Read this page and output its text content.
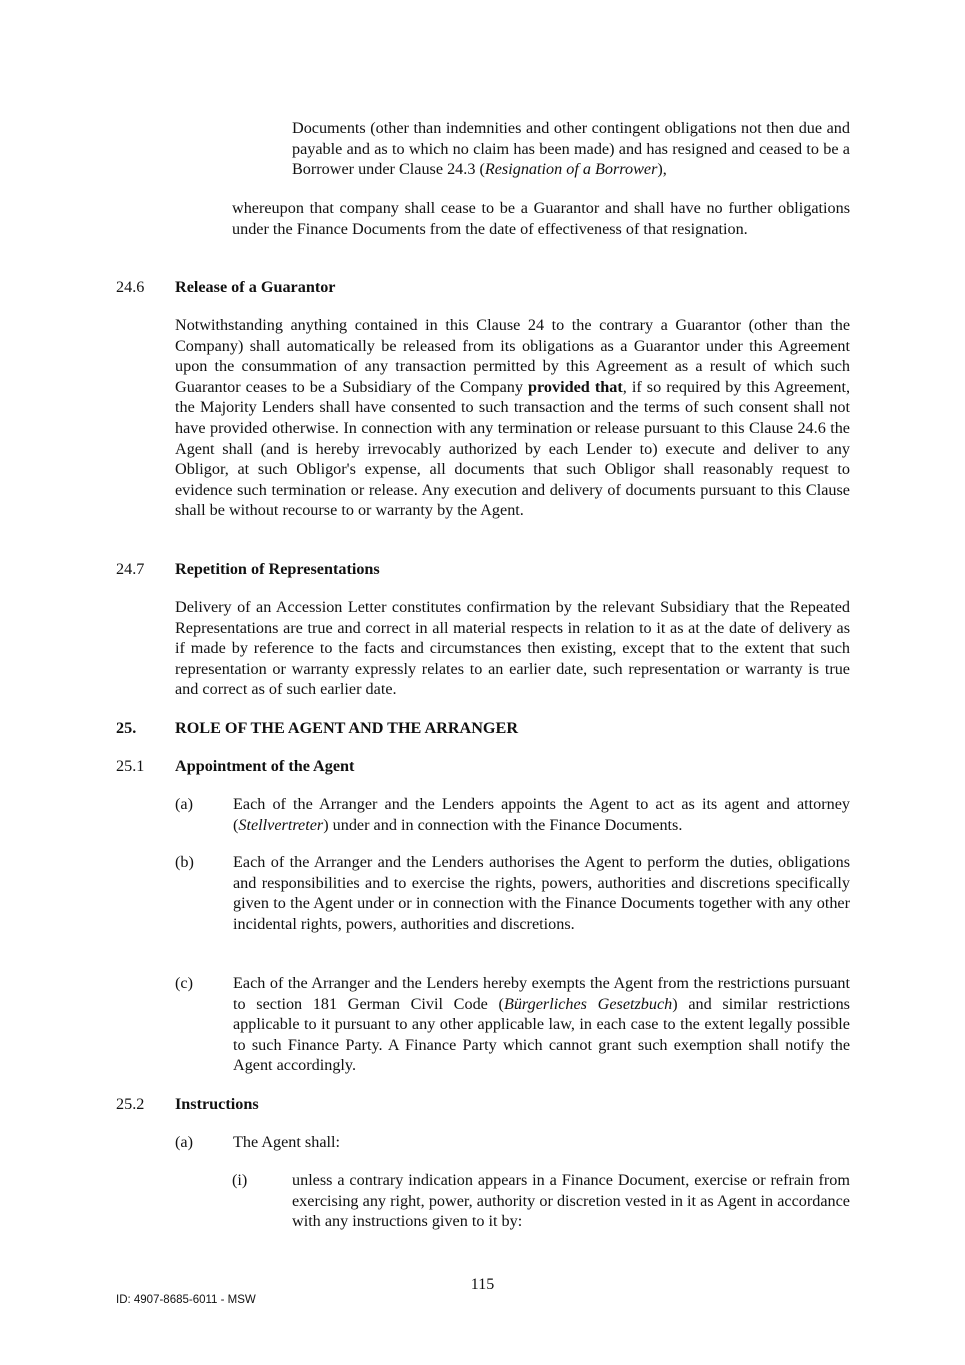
Documents (other than indemnities and other contingent obligations not then due and payable and as to which no claim has been made) and has resigned and ceased to be a Borrower under Clause 24.3 (Resignation of a Borrower),

whereupon that company shall cease to be a Guarantor and shall have no further obligations under the Finance Documents from the date of effectiveness of that resignation.

24.6 Release of a Guarantor

Notwithstanding anything contained in this Clause 24 to the contrary a Guarantor (other than the Company) shall automatically be released from its obligations as a Guarantor under this Agreement upon the consummation of any transaction permitted by this Agreement as a result of which such Guarantor ceases to be a Subsidiary of the Company provided that, if so required by this Agreement, the Majority Lenders shall have consented to such transaction and the terms of such consent shall not have provided otherwise. In connection with any termination or release pursuant to this Clause 24.6 the Agent shall (and is hereby irrevocably authorized by each Lender to) execute and deliver to any Obligor, at such Obligor's expense, all documents that such Obligor shall reasonably request to evidence such termination or release. Any execution and delivery of documents pursuant to this Clause shall be without recourse to or warranty by the Agent.

24.7 Repetition of Representations

Delivery of an Accession Letter constitutes confirmation by the relevant Subsidiary that the Repeated Representations are true and correct in all material respects in relation to it as at the date of delivery as if made by reference to the facts and circumstances then existing, except that to the extent that such representation or warranty expressly relates to an earlier date, such representation or warranty is true and correct as of such earlier date.

25. ROLE OF THE AGENT AND THE ARRANGER

25.1 Appointment of the Agent

(a) Each of the Arranger and the Lenders appoints the Agent to act as its agent and attorney (Stellvertreter) under and in connection with the Finance Documents.

(b) Each of the Arranger and the Lenders authorises the Agent to perform the duties, obligations and responsibilities and to exercise the rights, powers, authorities and discretions specifically given to the Agent under or in connection with the Finance Documents together with any other incidental rights, powers, authorities and discretions.

(c) Each of the Arranger and the Lenders hereby exempts the Agent from the restrictions pursuant to section 181 German Civil Code (Bürgerliches Gesetzbuch) and similar restrictions applicable to it pursuant to any other applicable law, in each case to the extent legally possible to such Finance Party. A Finance Party which cannot grant such exemption shall notify the Agent accordingly.

25.2 Instructions

(a) The Agent shall:

(i)	unless a contrary indication appears in a Finance Document, exercise or refrain from exercising any right, power, authority or discretion vested in it as Agent in accordance with any instructions given to it by:

115
ID: 4907-8685-6011 - MSW
